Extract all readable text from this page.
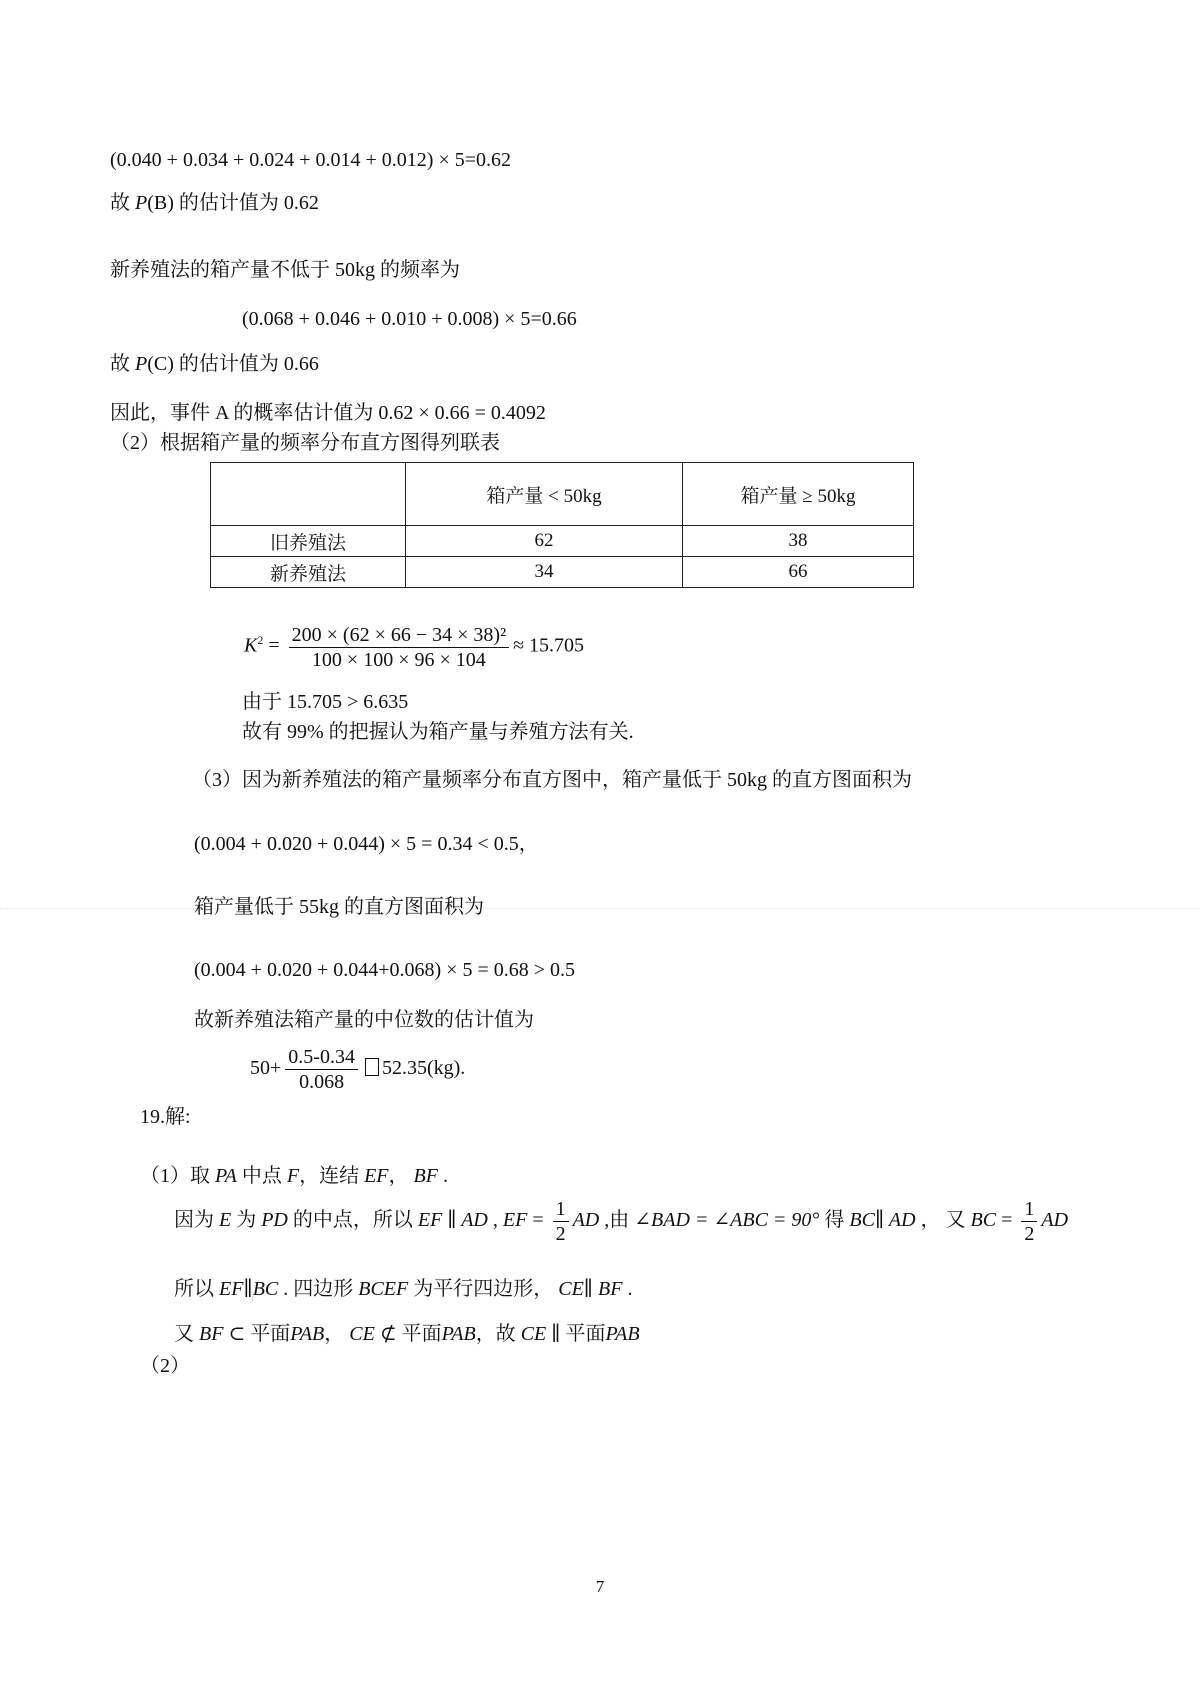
(0.040 + 0.034 + 0.024 + 0.014 + 0.012) × 5=0.62
故 P(B) 的估计值为 0.62
新养殖法的箱产量不低于 50kg 的频率为
(0.068 + 0.046 + 0.010 + 0.008) × 5=0.66
故 P(C) 的估计值为 0.66
因此，事件 A 的概率估计值为 0.62 × 0.66 = 0.4092
（2）根据箱产量的频率分布直方图得列联表
	箱产量 < 50kg	箱产量 ≥ 50kg
旧养殖法	62	38
新养殖法	34	66
$K^2 = \frac{\text{200 × (62 × 66 − 34 × 38)²}}{100 \times 100 \times 96 \times 104} \approx 15.705$
由于 15.705 > 6.635
故有 99% 的把握认为箱产量与养殖方法有关.
（3）因为新养殖法的箱产量频率分布直方图中，箱产量低于 50kg 的直方图面积为
(0.004 + 0.020 + 0.044) × 5 = 0.34 < 0.5，
箱产量低于 55kg 的直方图面积为
(0.004 + 0.020 + 0.044+0.068) × 5 = 0.68 > 0.5
故新养殖法箱产量的中位数的估计值为
$50+ \frac{0.5-0.34}{0.068} 52.35(kg)$.
19.解:
（1）取 PA 中点 F，连结 EF， BF .
因为 E 为 PD 的中点，所以 EF ∥ AD , EF = $\frac{1}{2}$ AD ,由 ∠BAD = ∠ABC = 90° 得 BC∥ AD ， 又 BC = $\frac{1}{2}$ AD
所以 EF∥BC . 四边形 BCEF 为平行四边形， CE∥ BF .
又 BF ⊂ 平面PAB， CE ⊄ 平面PAB，故 CE ∥ 平面PAB
（2）
7
